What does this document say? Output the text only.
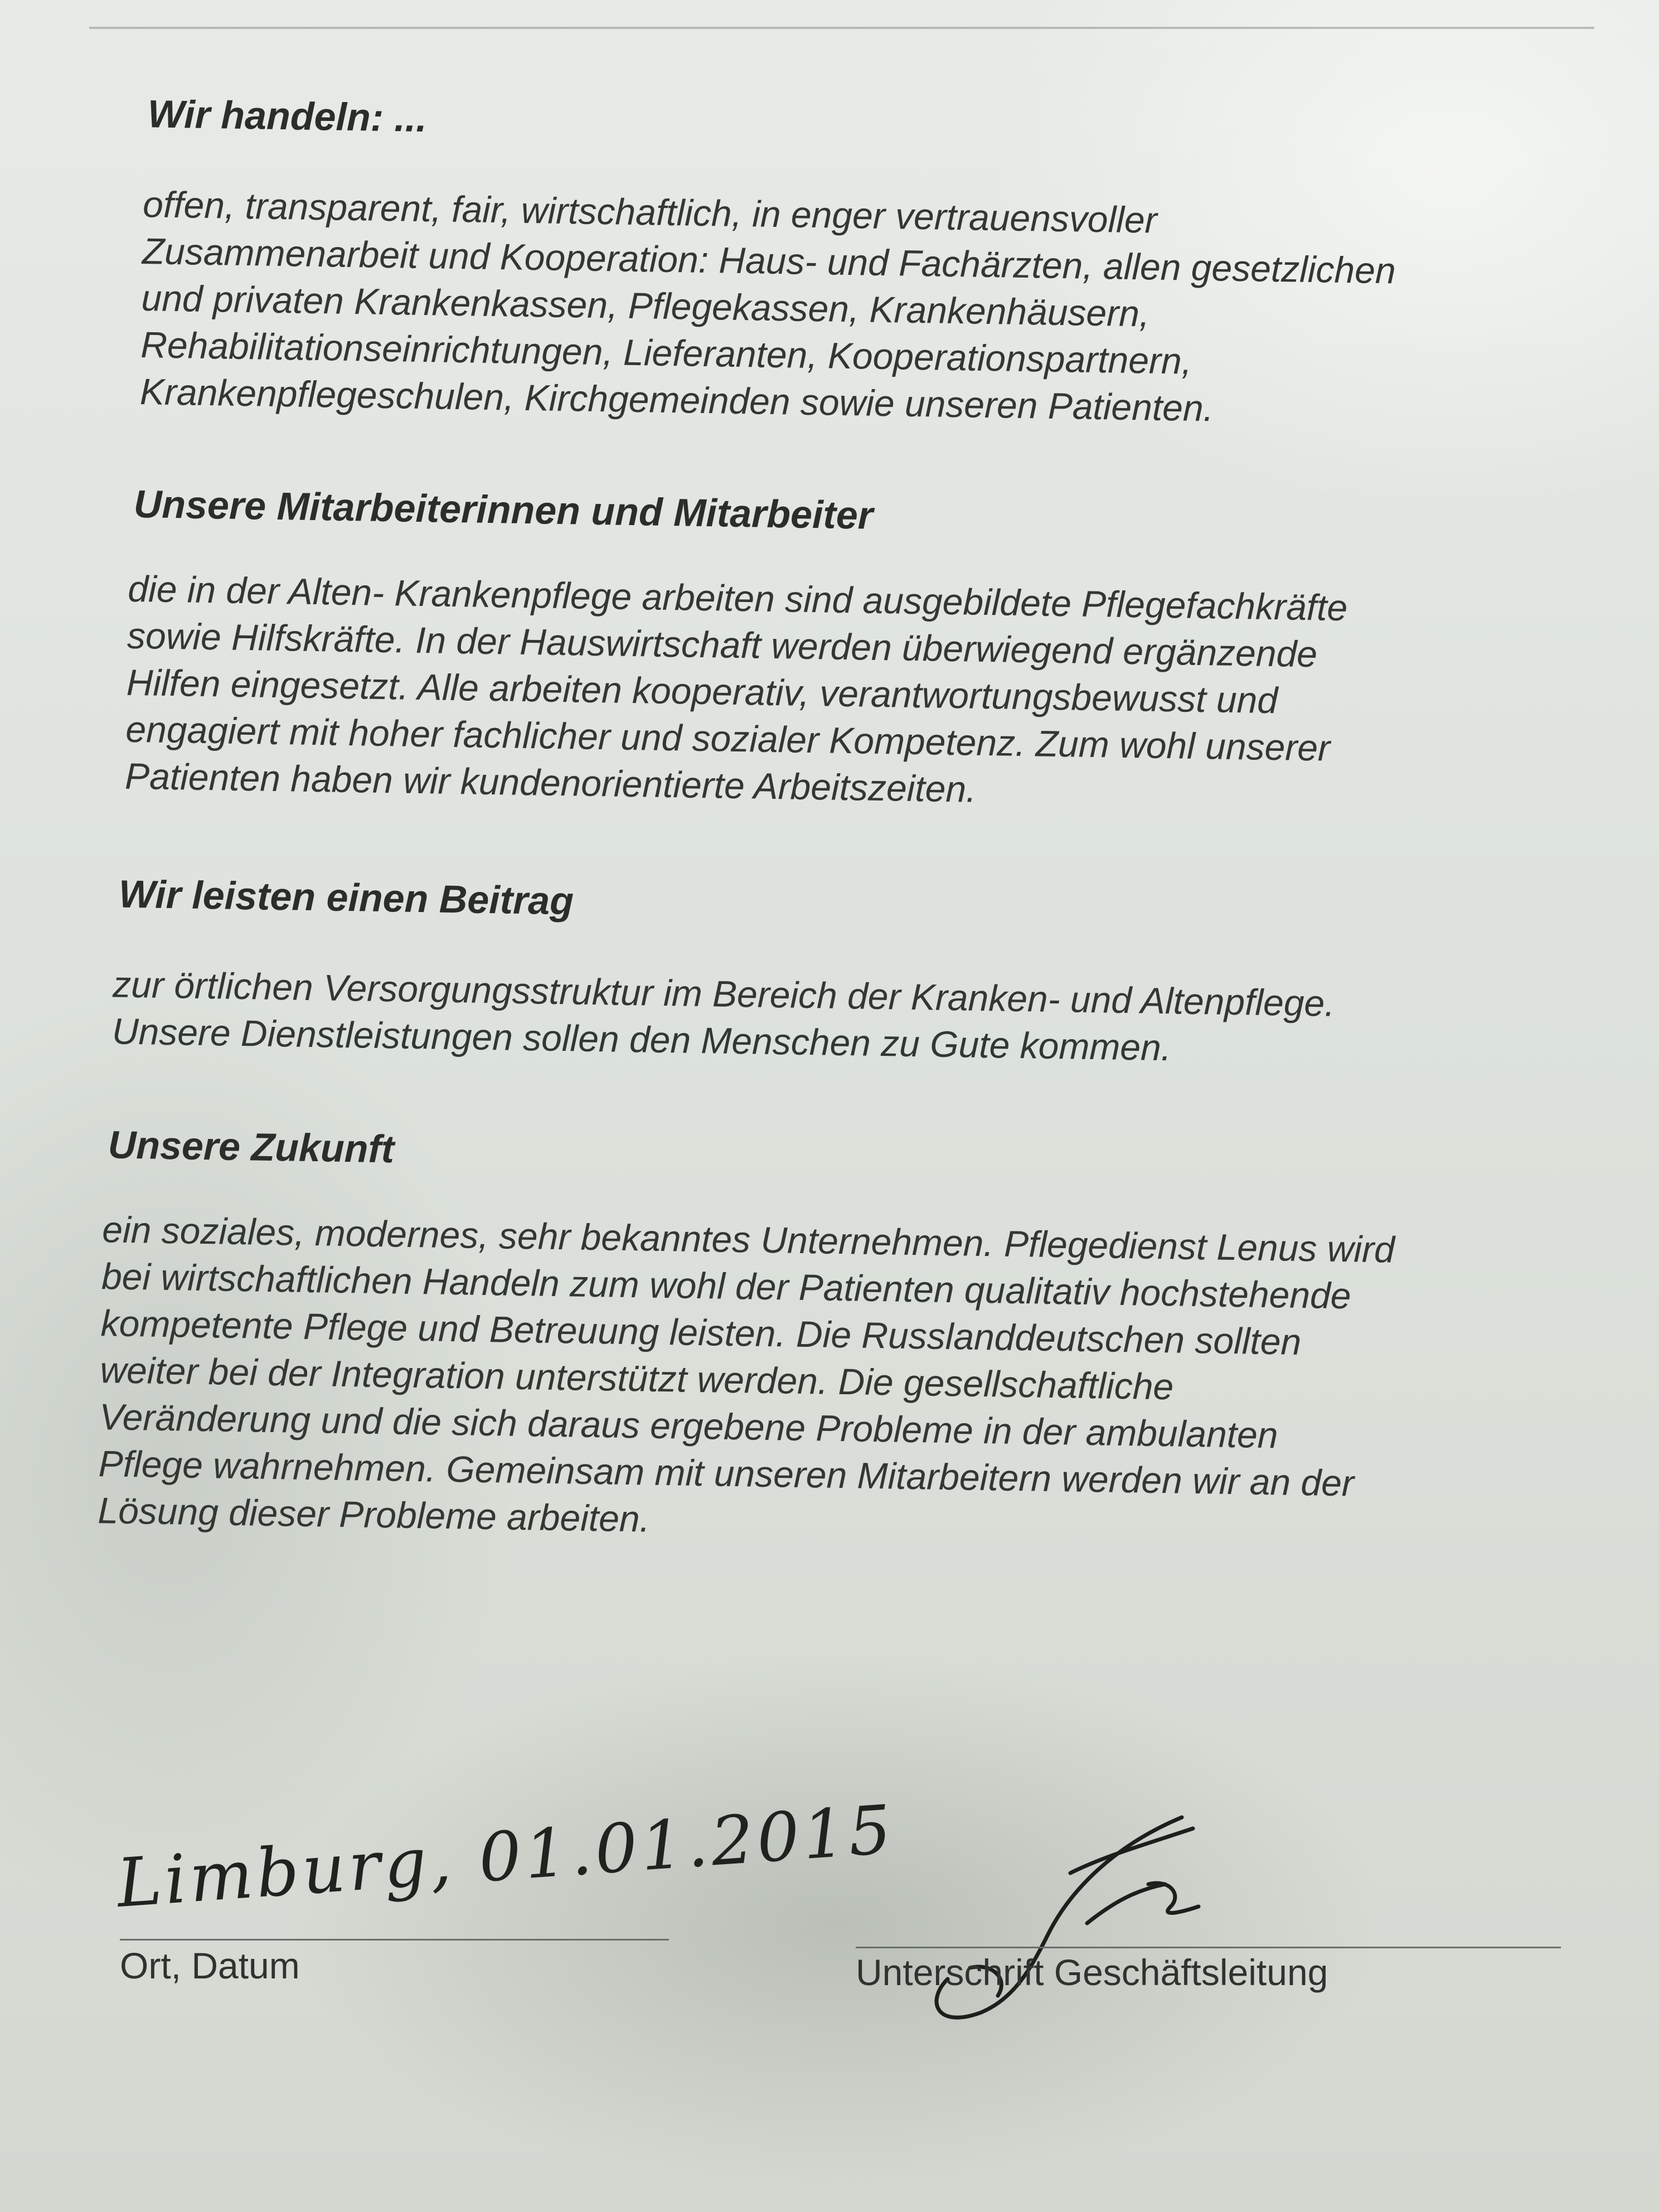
Wir handeln: ...
offen, transparent, fair, wirtschaftlich, in enger vertrauensvoller
Zusammenarbeit und Kooperation: Haus- und Fachärzten, allen gesetzlichen
und privaten Krankenkassen, Pflegekassen, Krankenhäusern,
Rehabilitationseinrichtungen, Lieferanten, Kooperationspartnern,
Krankenpflegeschulen, Kirchgemeinden sowie unseren Patienten.
Unsere Mitarbeiterinnen und Mitarbeiter
die in der Alten- Krankenpflege arbeiten sind ausgebildete Pflegefachkräfte
sowie Hilfskräfte. In der Hauswirtschaft werden überwiegend ergänzende
Hilfen eingesetzt. Alle arbeiten kooperativ, verantwortungsbewusst und
engagiert mit hoher fachlicher und sozialer Kompetenz. Zum wohl unserer
Patienten haben wir kundenorientierte Arbeitszeiten.
Wir leisten einen Beitrag
zur örtlichen Versorgungsstruktur im Bereich der Kranken- und Altenpflege.
Unsere Dienstleistungen sollen den Menschen zu Gute kommen.
Unsere Zukunft
ein soziales, modernes, sehr bekanntes Unternehmen. Pflegedienst Lenus wird
bei wirtschaftlichen Handeln zum wohl der Patienten qualitativ hochstehende
kompetente Pflege und Betreuung leisten. Die Russlanddeutschen sollten
weiter bei der Integration unterstützt werden. Die gesellschaftliche
Veränderung und die sich daraus ergebene Probleme in der ambulanten
Pflege wahrnehmen. Gemeinsam mit unseren Mitarbeitern werden wir an der
Lösung dieser Probleme arbeiten.
Limburg, 01.01.2015
Ort, Datum	Unterschrift Geschäftsleitung
